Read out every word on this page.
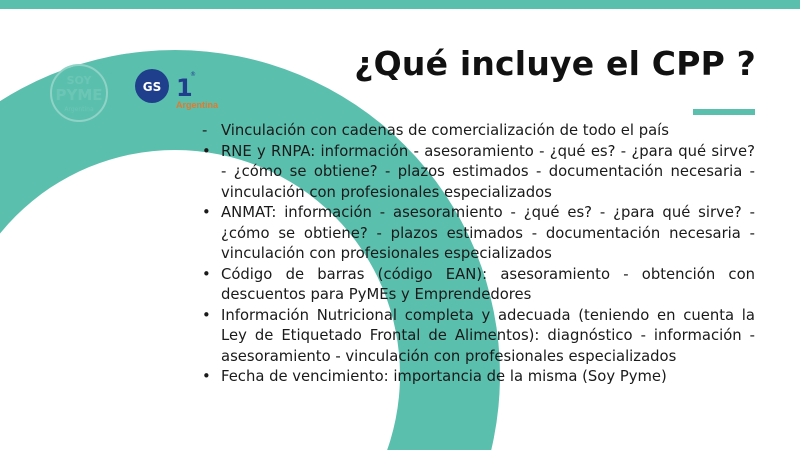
SOY
PYME
Argentina
GS 1
®
Argentina
¿Qué incluye el CPP ?
- Vinculación con cadenas de comercialización de todo el país
• RNE y RNPA: información - asesoramiento - ¿qué es? - ¿para qué sirve? - ¿cómo se obtiene? - plazos estimados - documentación necesaria - vinculación con profesionales especializados
• ANMAT: información - asesoramiento - ¿qué es? - ¿para qué sirve? - ¿cómo se obtiene? - plazos estimados - documentación necesaria - vinculación con profesionales especializados
• Código de barras (código EAN): asesoramiento - obtención con descuentos para PyMEs y Emprendedores
• Información Nutricional completa y adecuada (teniendo en cuenta la Ley de Etiquetado Frontal de Alimentos): diagnóstico - información - asesoramiento - vinculación con profesionales especializados
• Fecha de vencimiento: importancia de la misma (Soy Pyme)
